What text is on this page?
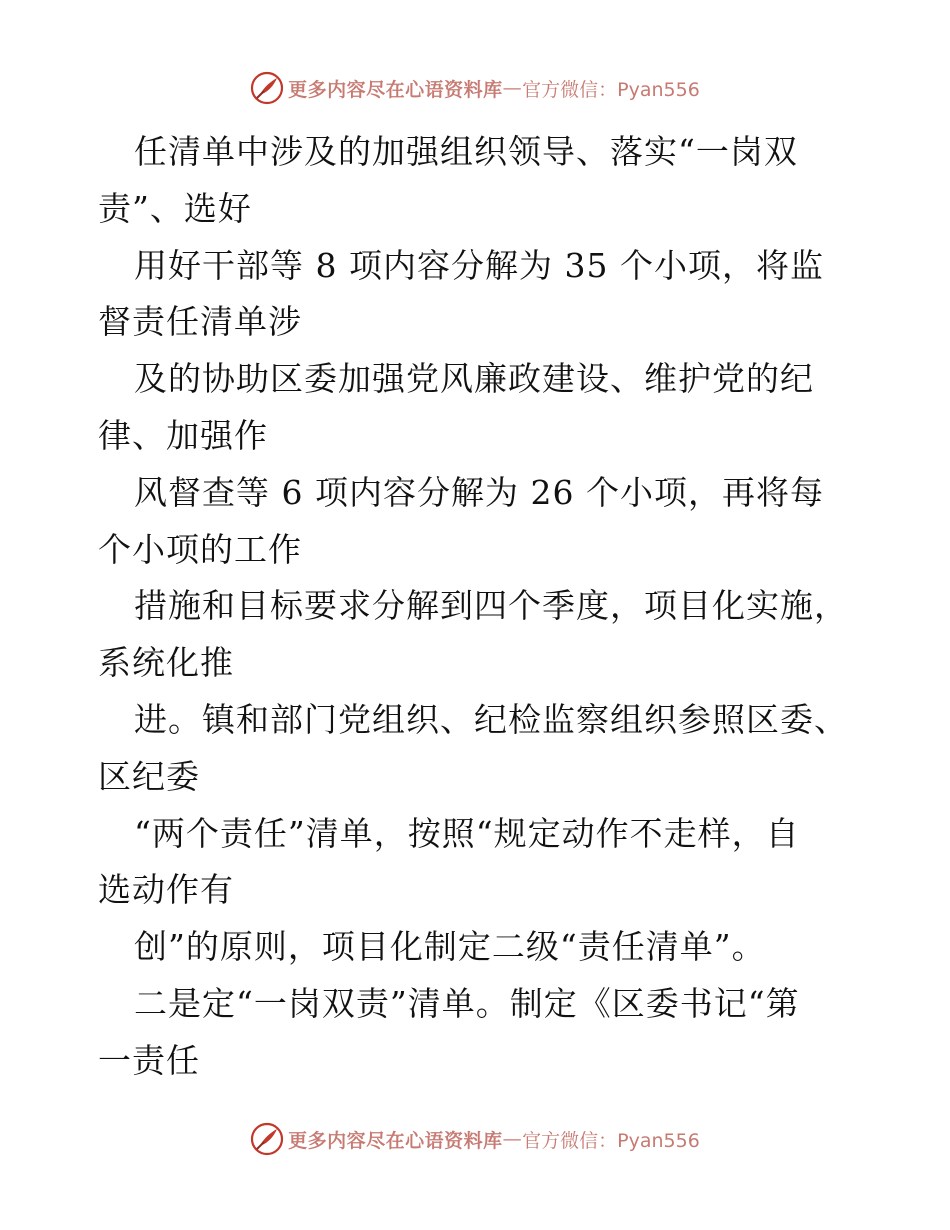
更多内容尽在心语资料库 — 官方微信：Pyan556
任清单中涉及的加强组织领导、落实“一岗双
责”、选好
用好干部等 8 项内容分解为 35 个小项，将监
督责任清单涉
及的协助区委加强党风廉政建设、维护党的纪
律、加强作
风督查等 6 项内容分解为 26 个小项，再将每
个小项的工作
措施和目标要求分解到四个季度，项目化实施，
系统化推
进。镇和部门党组织、纪检监察组织参照区委、
区纪委
“两个责任”清单，按照“规定动作不走样，自
选动作有
创”的原则，项目化制定二级“责任清单”。
二是定“一岗双责”清单。制定《区委书记“第
一责任
更多内容尽在心语资料库 — 官方微信：Pyan556
